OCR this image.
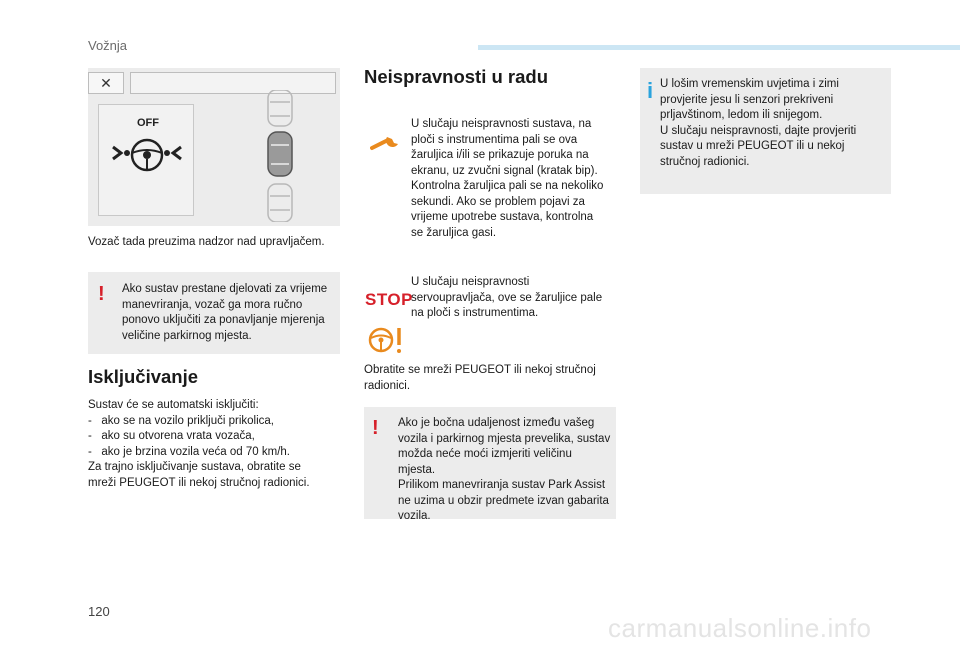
Vožnja
✕
OFF
Vozač tada preuzima nadzor nad upravljačem.
! Ako sustav prestane djelovati za vrijeme
manevriranja, vozač ga mora ručno
ponovo uključiti za ponavljanje mjerenja
veličine parkirnog mjesta.
Isključivanje
Sustav će se automatski isključiti:
-   ako se na vozilo priključi prikolica,
-   ako su otvorena vrata vozača,
-   ako je brzina vozila veća od 70 km/h.
Za trajno isključivanje sustava, obratite se
mreži PEUGEOT ili nekoj stručnoj radionici.
Neispravnosti u radu
U slučaju neispravnosti sustava, na
ploči s instrumentima pali se ova
žaruljica i/ili se prikazuje poruka na
ekranu, uz zvučni signal (kratak bip).
Kontrolna žaruljica pali se na nekoliko
sekundi. Ako se problem pojavi za
vrijeme upotrebe sustava, kontrolna
se žaruljica gasi.
STOP
U slučaju neispravnosti
servoupravljača, ove se žaruljice pale
na ploči s instrumentima.
Obratite se mreži PEUGEOT ili nekoj stručnoj
radionici.
! Ako je bočna udaljenost između vašeg
vozila i parkirnog mjesta prevelika, sustav
možda neće moći izmjeriti veličinu mjesta.
Prilikom manevriranja sustav Park Assist
ne uzima u obzir predmete izvan gabarita
vozila.
i U lošim vremenskim uvjetima i zimi
provjerite jesu li senzori prekriveni
prljavštinom, ledom ili snijegom.
U slučaju neispravnosti, dajte provjeriti
sustav u mreži PEUGEOT ili u nekoj
stručnoj radionici.
120
carmanualsonline.info
